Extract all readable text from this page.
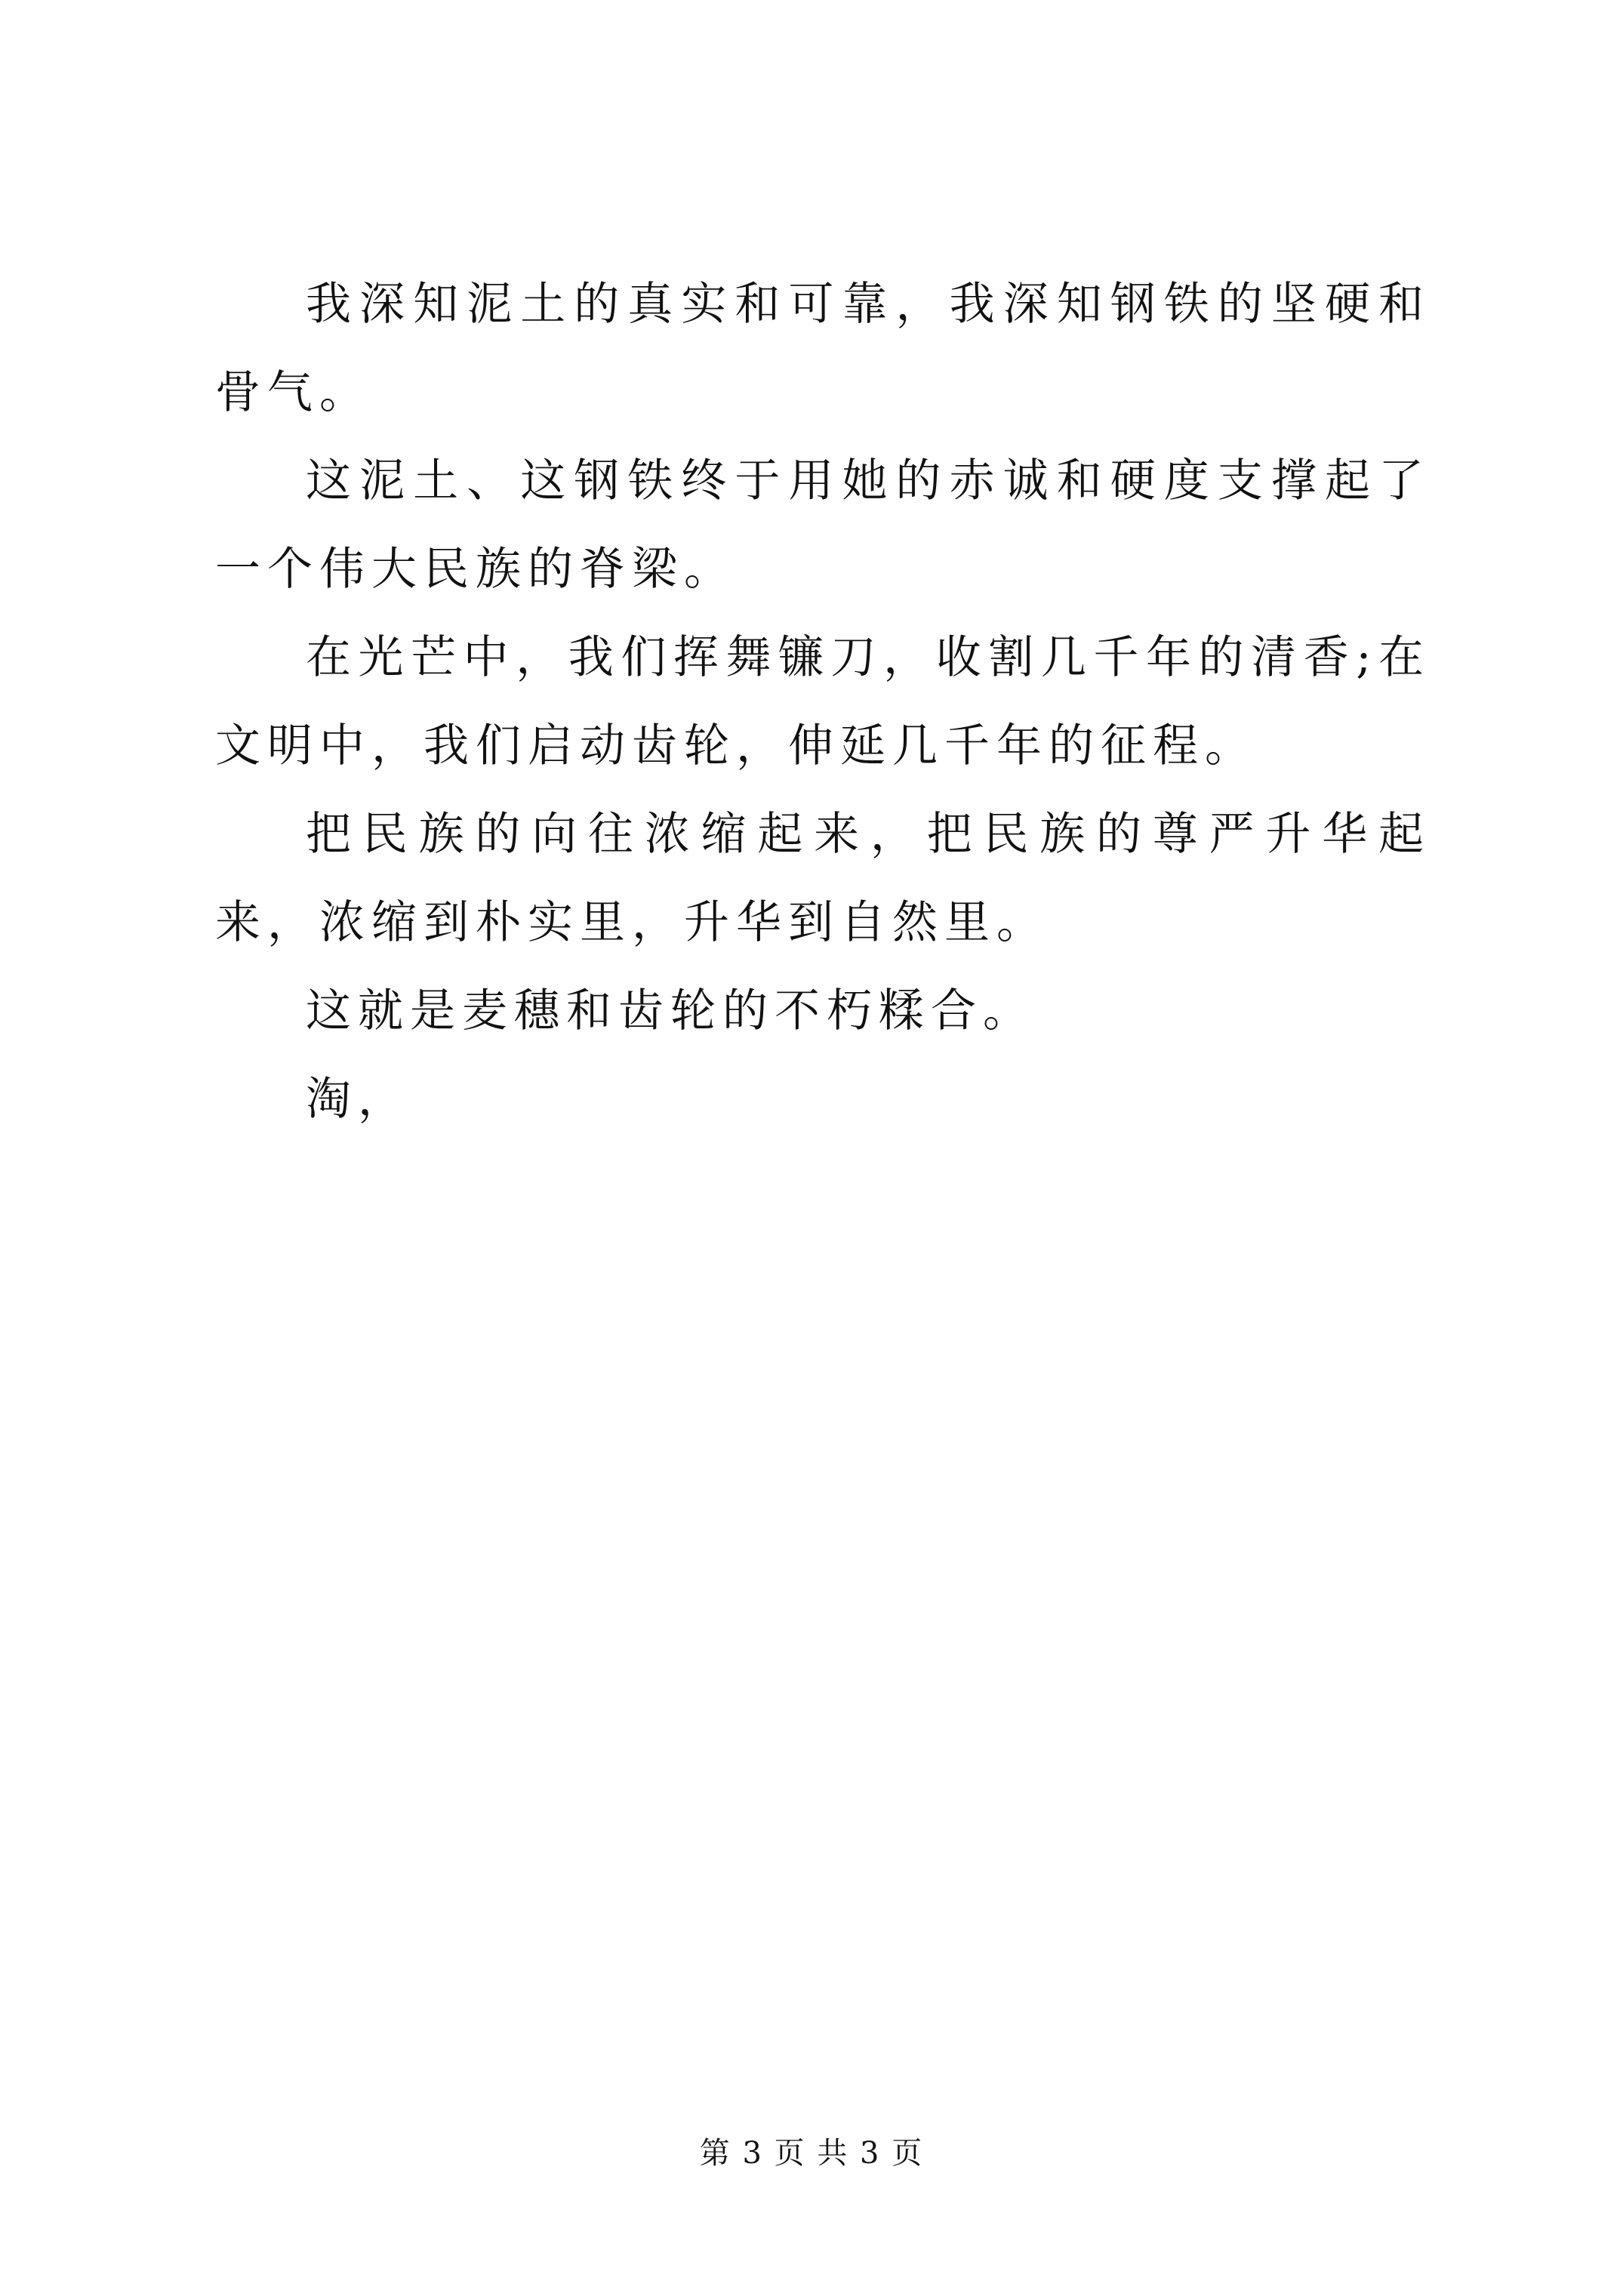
我深知泥土的真实和可靠，我深知钢铁的坚硬和骨气。

这泥土、这钢铁终于用她的赤诚和硬度支撑起了一个伟大民族的脊梁。

在光芒中，我们挥舞镰刀，收割几千年的清香;在文明中，我们启动齿轮，伸延几千年的征程。

把民族的向往浓缩起来，把民族的尊严升华起来，浓缩到朴实里，升华到自然里。

这就是麦穗和齿轮的不朽糅合。

淘，

第 3 页 共 3 页
